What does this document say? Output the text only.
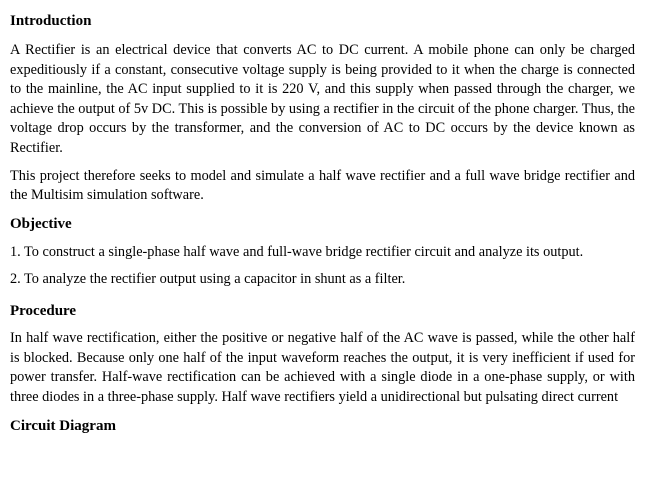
Introduction

A Rectifier is an electrical device that converts AC to DC current. A mobile phone can only be charged expeditiously if a constant, consecutive voltage supply is being provided to it when the charge is connected to the mainline, the AC input supplied to it is 220 V, and this supply when passed through the charger, we achieve the output of 5v DC. This is possible by using a rectifier in the circuit of the phone charger. Thus, the voltage drop occurs by the transformer, and the conversion of AC to DC occurs by the device known as Rectifier.

This project therefore seeks to model and simulate a half wave rectifier and a full wave bridge rectifier and the Multisim simulation software.

Objective

1. To construct a single-phase half wave and full-wave bridge rectifier circuit and analyze its output.

2. To analyze the rectifier output using a capacitor in shunt as a filter.

Procedure

In half wave rectification, either the positive or negative half of the AC wave is passed, while the other half is blocked. Because only one half of the input waveform reaches the output, it is very inefficient if used for power transfer. Half-wave rectification can be achieved with a single diode in a one-phase supply, or with three diodes in a three-phase supply. Half wave rectifiers yield a unidirectional but pulsating direct current

Circuit Diagram
